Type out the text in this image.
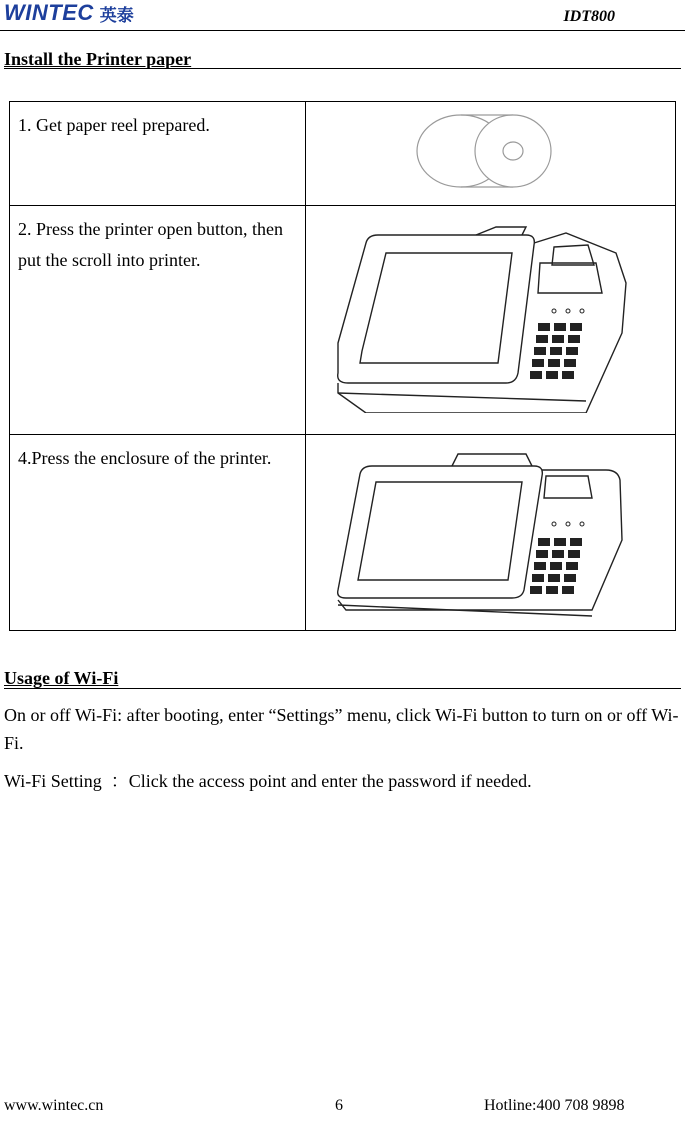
WINTEC 英泰	IDT800
Install the Printer paper
1. Get paper reel prepared.	
2. Press the printer open button, then put the scroll into printer.	
4.Press the enclosure of the printer.	
Usage of Wi-Fi
On or off Wi-Fi: after booting, enter “Settings” menu, click Wi-Fi button to turn on or off Wi-Fi.
Wi-Fi Setting  ：Click the access point and enter the password if needed.
www.wintec.cn	6	Hotline:400 708 9898
